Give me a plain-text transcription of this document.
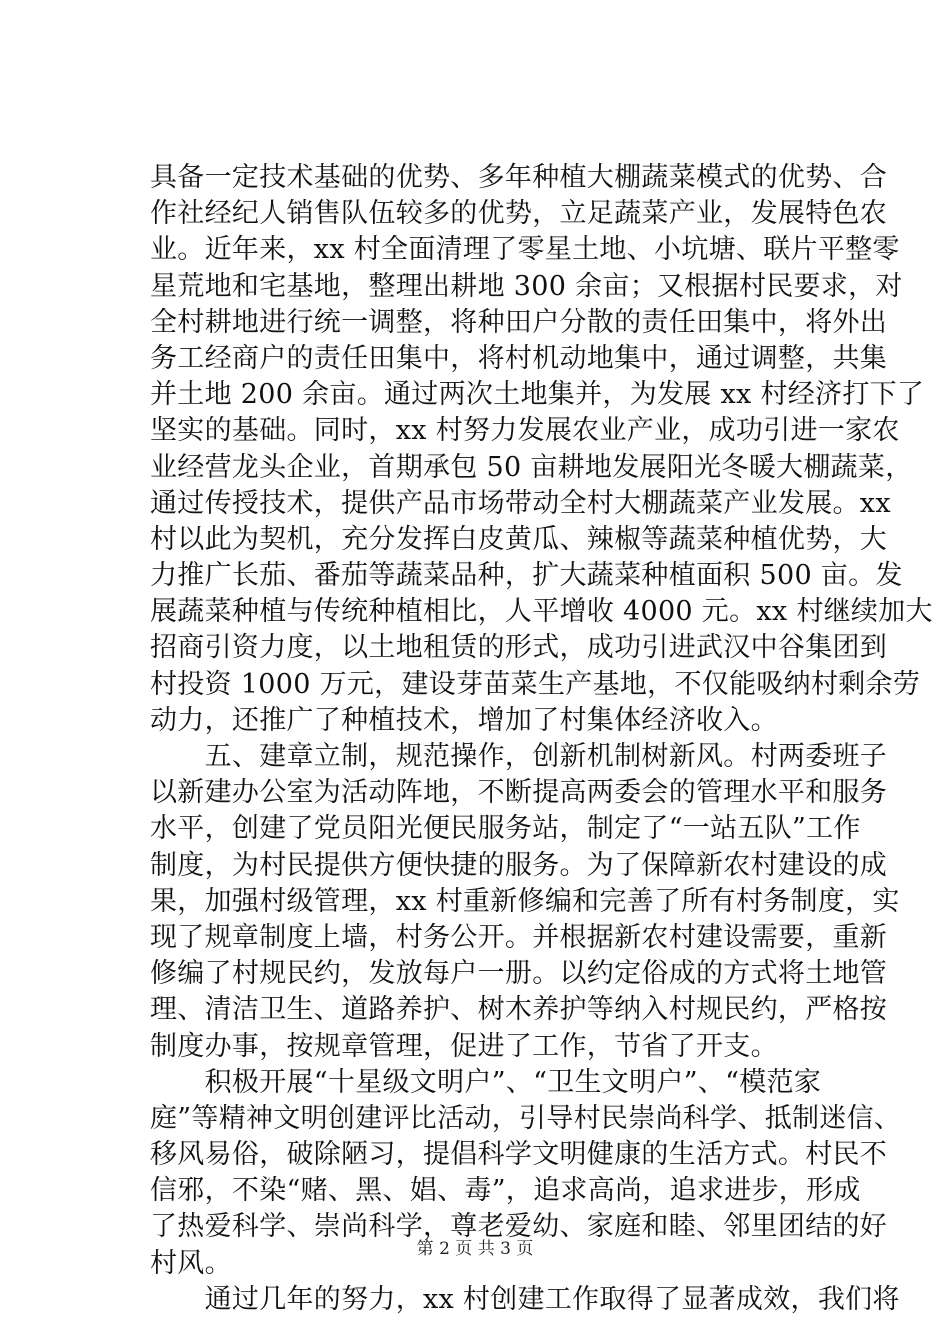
具备一定技术基础的优势、多年种植大棚蔬菜模式的优势、合
作社经纪人销售队伍较多的优势，立足蔬菜产业，发展特色农
业。近年来，xx 村全面清理了零星土地、小坑塘、联片平整零
星荒地和宅基地，整理出耕地 300 余亩；又根据村民要求，对
全村耕地进行统一调整，将种田户分散的责任田集中，将外出
务工经商户的责任田集中，将村机动地集中，通过调整，共集
并土地 200 余亩。通过两次土地集并，为发展 xx 村经济打下了
坚实的基础。同时，xx 村努力发展农业产业，成功引进一家农
业经营龙头企业，首期承包 50 亩耕地发展阳光冬暖大棚蔬菜，
通过传授技术，提供产品市场带动全村大棚蔬菜产业发展。xx
村以此为契机，充分发挥白皮黄瓜、辣椒等蔬菜种植优势，大
力推广长茄、番茄等蔬菜品种，扩大蔬菜种植面积 500 亩。发
展蔬菜种植与传统种植相比，人平增收 4000 元。xx 村继续加大
招商引资力度，以土地租赁的形式，成功引进武汉中谷集团到
村投资 1000 万元，建设芽苗菜生产基地，不仅能吸纳村剩余劳
动力，还推广了种植技术，增加了村集体经济收入。
　　五、建章立制，规范操作，创新机制树新风。村两委班子
以新建办公室为活动阵地，不断提高两委会的管理水平和服务
水平，创建了党员阳光便民服务站，制定了“一站五队”工作
制度，为村民提供方便快捷的服务。为了保障新农村建设的成
果，加强村级管理，xx 村重新修编和完善了所有村务制度，实
现了规章制度上墙，村务公开。并根据新农村建设需要，重新
修编了村规民约，发放每户一册。以约定俗成的方式将土地管
理、清洁卫生、道路养护、树木养护等纳入村规民约，严格按
制度办事，按规章管理，促进了工作，节省了开支。
　　积极开展“十星级文明户”、“卫生文明户”、“模范家
庭”等精神文明创建评比活动，引导村民崇尚科学、抵制迷信、
移风易俗，破除陋习，提倡科学文明健康的生活方式。村民不
信邪，不染“赌、黑、娼、毒”，追求高尚，追求进步，形成
了热爱科学、崇尚科学，尊老爱幼、家庭和睦、邻里团结的好
村风。
　　通过几年的努力，xx 村创建工作取得了显著成效，我们将
第 2 页 共 3 页
